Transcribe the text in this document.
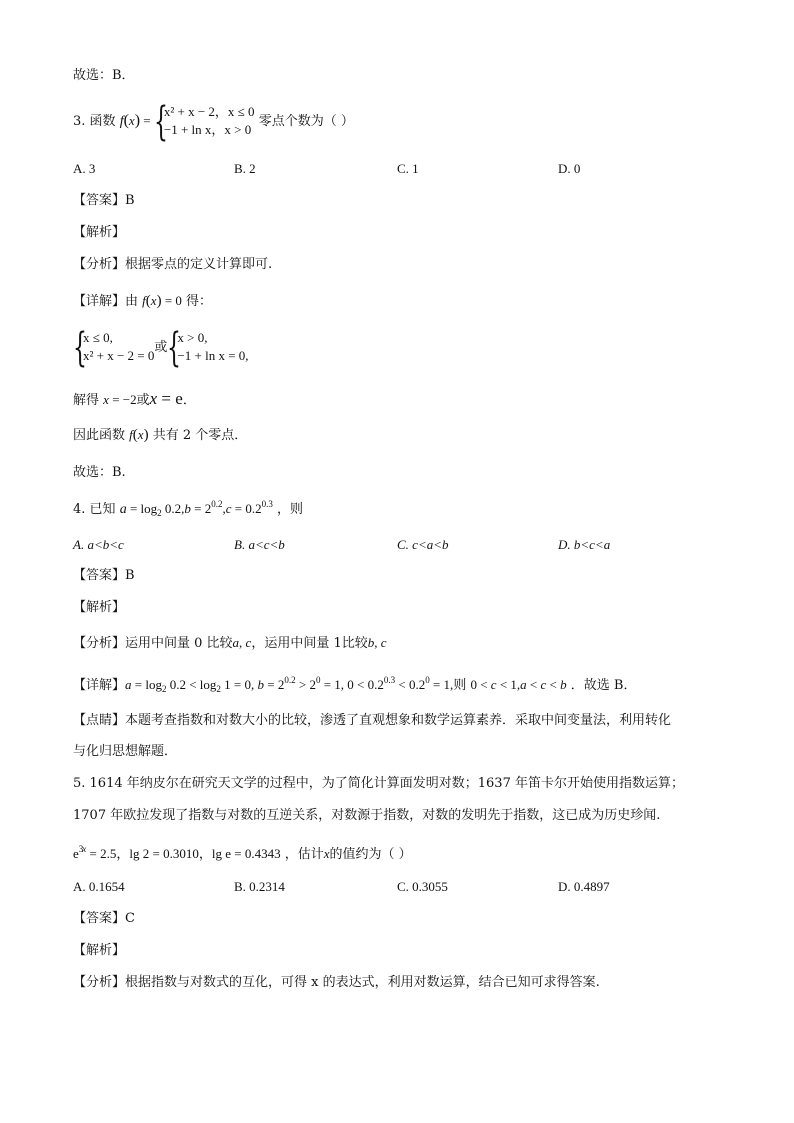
故选：B．
3. 函数 f(x) = {
x² + x − 2，x ≤ 0
−1 + ln x，x > 0
零点个数为（ ）
A. 3	B. 2	C. 1	D. 0
【答案】B
【解析】
【分析】根据零点的定义计算即可.
【详解】由 f(x) = 0 得：
{
x ≤ 0,
x² + x − 2 = 0
或 {
x > 0,
−1 + ln x = 0,
解得 x = −2或x = e．
因此函数 f(x) 共有 2 个零点．
故选：B.
4. 已知 $a = \log_2 0.2,b = 2^{0.2},c = 0.2^{0.3}$ ，则
A. a<b<c	B. a<c<b	C. c<a<b	D. b<c<a
【答案】B
【解析】
【分析】运用中间量 0 比较a, c，运用中间量 1比较b, c
【详解】$a = \log_2 0.2 < \log_2 1 = 0$, $b = 2^{0.2} > 2^0 = 1$, $0 < 0.2^{0.3} < 0.2^0 = 1$,则 0 < c < 1,a < c < b ．故选 B．
【点睛】本题考查指数和对数大小的比较，渗透了直观想象和数学运算素养．采取中间变量法，利用转化
与化归思想解题．
5. 1614 年纳皮尔在研究天文学的过程中，为了简化计算面发明对数；1637 年笛卡尔开始使用指数运算；
1707 年欧拉发现了指数与对数的互逆关系，对数源于指数，对数的发明先于指数，这已成为历史珍闻.
$e^{3x} = 2.5$，lg 2 = 0.3010，lg e = 0.4343 ，估计x的值约为（ ）
A. 0.1654	B. 0.2314	C. 0.3055	D. 0.4897
【答案】C
【解析】
【分析】根据指数与对数式的互化，可得 x 的表达式，利用对数运算，结合已知可求得答案.
